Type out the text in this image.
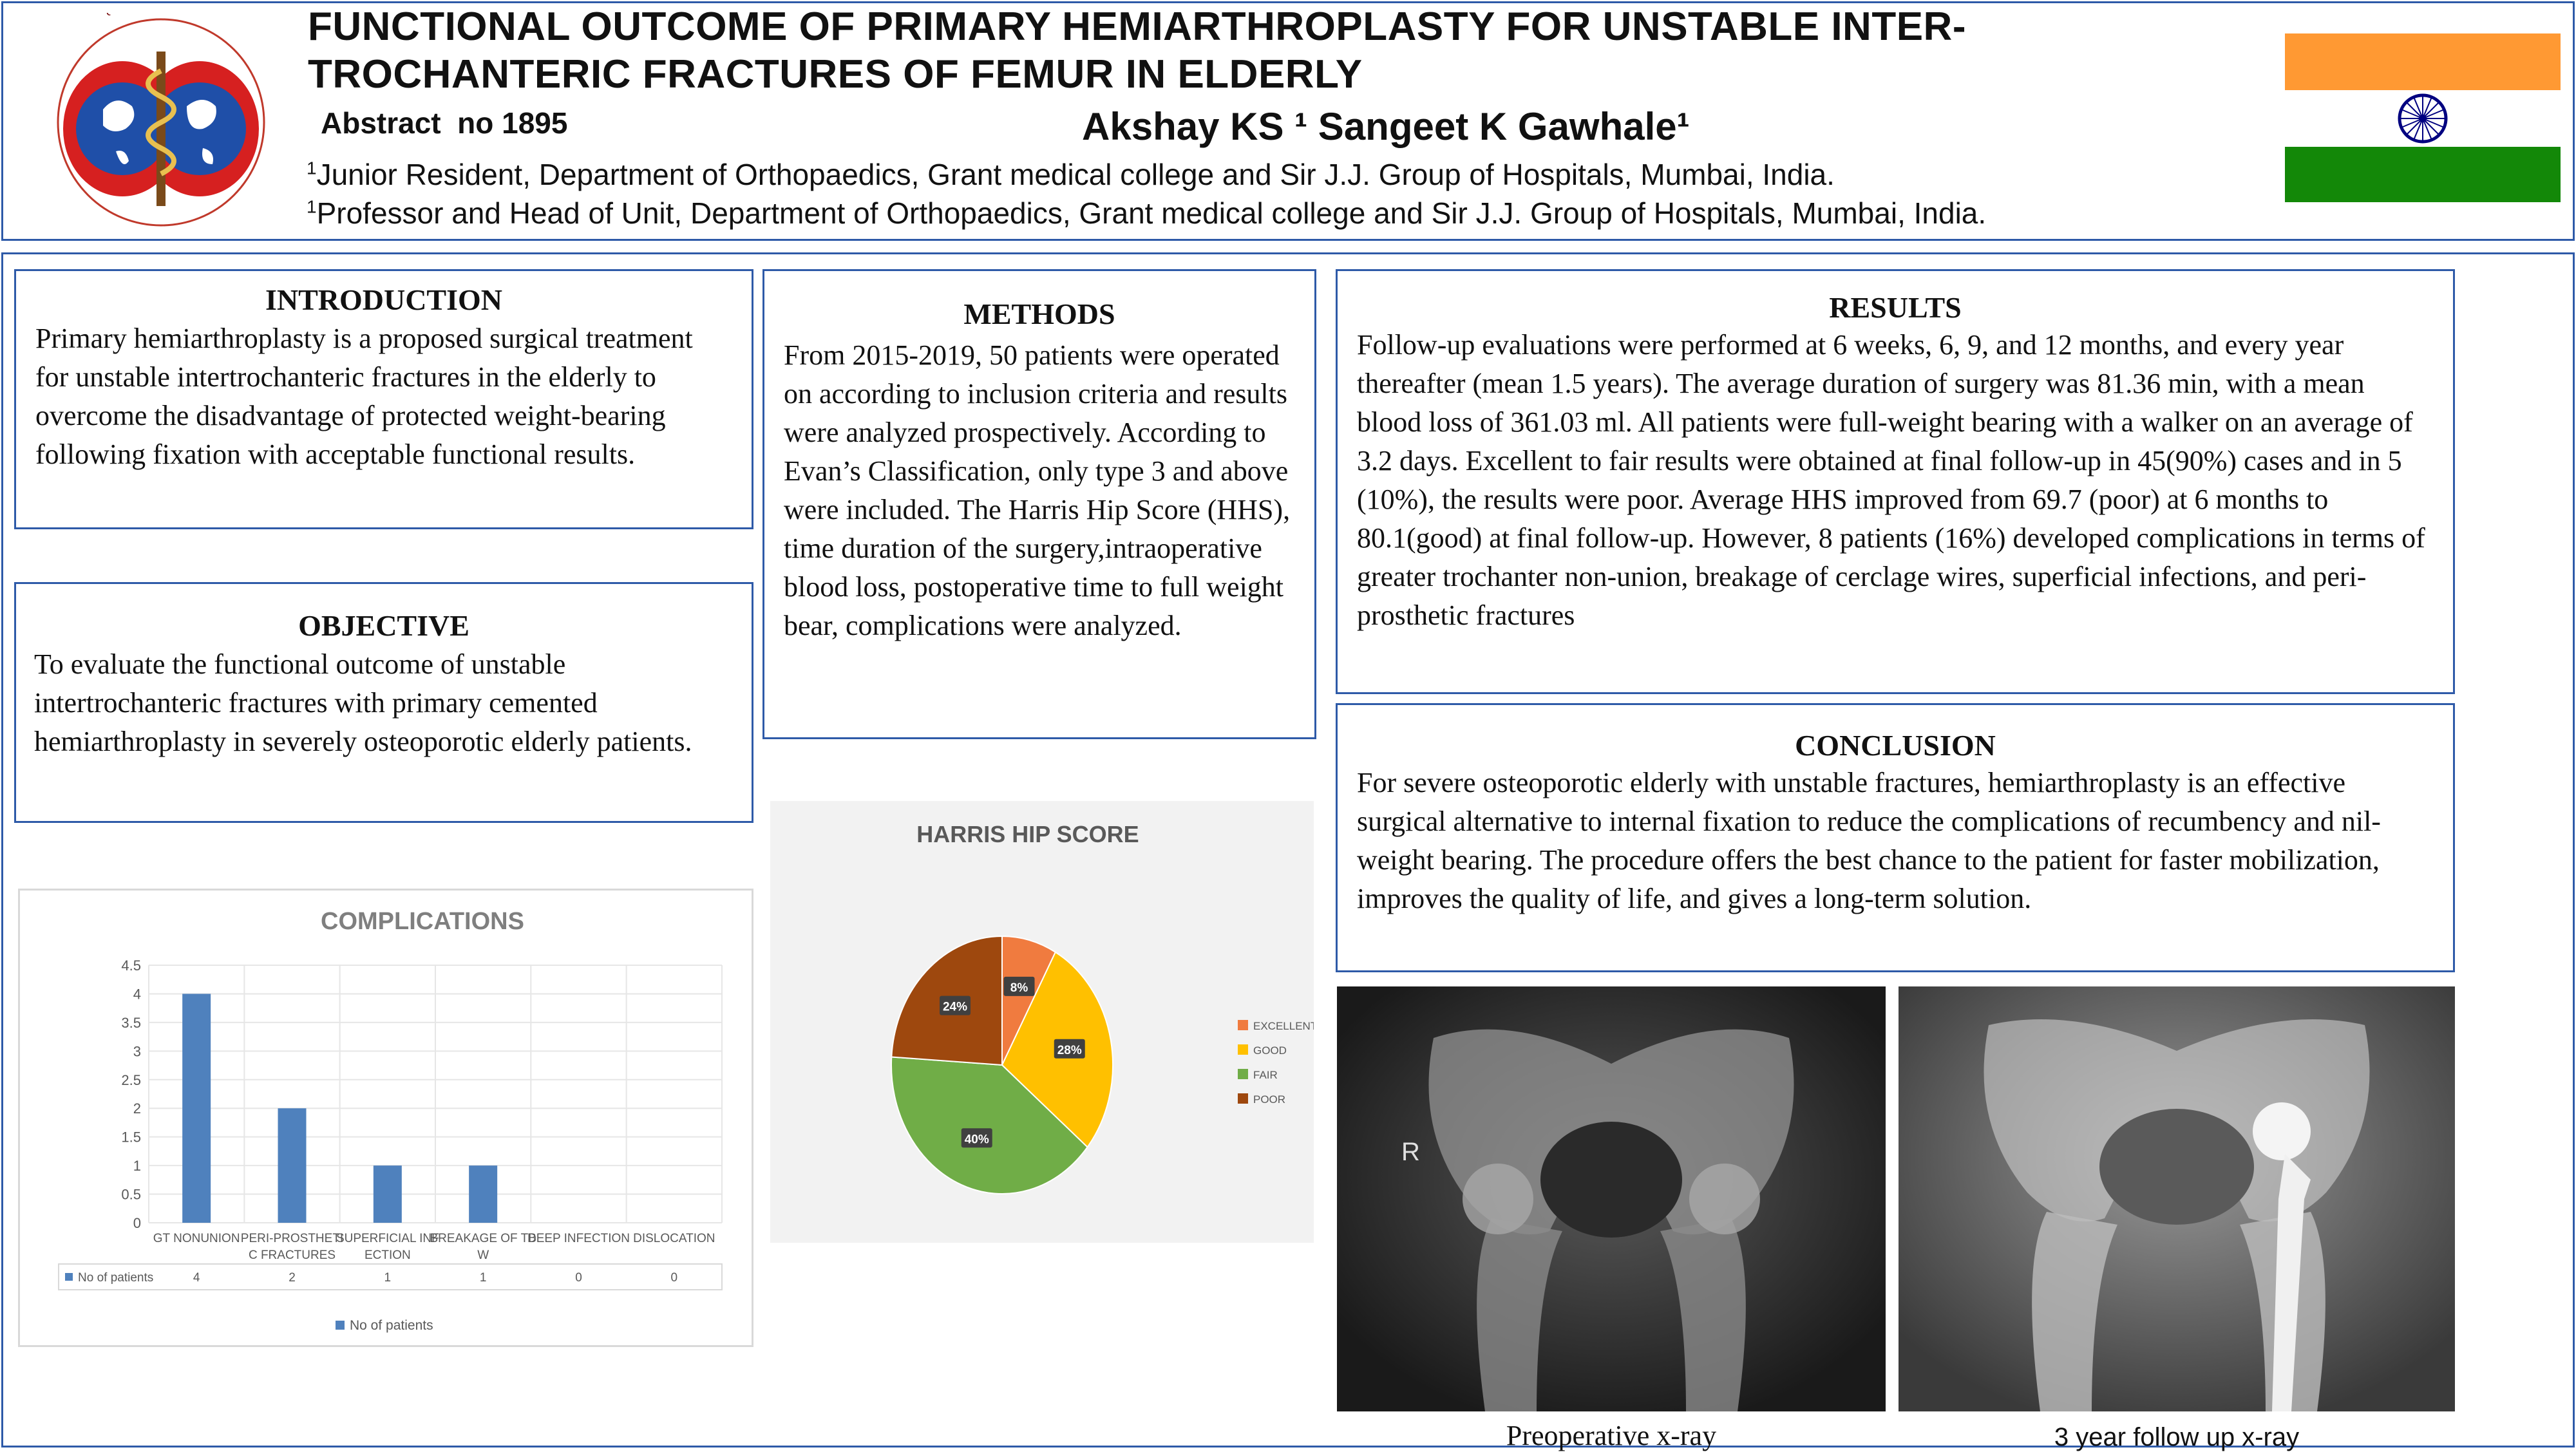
FUNCTIONAL OUTCOME OF PRIMARY HEMIARTHROPLASTY FOR UNSTABLE INTER-
TROCHANTERIC FRACTURES OF FEMUR IN ELDERLY
Abstract  no 1895	Akshay KS ¹ Sangeet K Gawhale¹
$^1$Junior Resident, Department of Orthopaedics, Grant medical college and Sir J.J. Group of Hospitals, Mumbai, India.
$^1$Professor and Head of Unit, Department of Orthopaedics, Grant medical college and Sir J.J. Group of Hospitals, Mumbai, India.
INTRODUCTION
Primary hemiarthroplasty is a proposed surgical treatment for unstable intertrochanteric fractures in the elderly to overcome the disadvantage of protected weight-bearing following fixation with acceptable functional results.
OBJECTIVE
To evaluate the functional outcome of unstable intertrochanteric fractures with primary cemented hemiarthroplasty in severely osteoporotic elderly patients.
METHODS
From 2015-2019, 50 patients were operated on according to inclusion criteria and results were analyzed prospectively. According to Evan’s Classification, only type 3 and above were included. The Harris Hip Score (HHS), time duration of the surgery,intraoperative blood loss, postoperative time to full weight bear, complications were analyzed.
RESULTS
Follow-up evaluations were performed at 6 weeks, 6, 9, and 12 months, and every year thereafter (mean 1.5 years). The average duration of surgery was 81.36 min, with a mean blood loss of 361.03 ml. All patients were full-weight bearing with a walker on an average of 3.2 days. Excellent to fair results were obtained at final follow-up in 45(90%) cases and in 5 (10%), the results were poor. Average HHS improved from 69.7 (poor) at 6 months to 80.1(good) at final follow-up. However, 8 patients (16%) developed complications in terms of greater trochanter non-union, breakage of cerclage wires, superficial infections, and peri-prosthetic fractures
CONCLUSION
For severe osteoporotic elderly with unstable fractures, hemiarthroplasty is an effective surgical alternative to internal fixation to reduce the complications of recumbency and nil-weight bearing. The procedure offers the best chance to the patient for faster mobilization, improves the quality of life, and gives a long-term solution.
COMPLICATIONS
0
0.5
1
1.5
2
2.5
3
3.5
4
4.5
GT NONUNION PERI-PROSTHETI
C FRACTURES
SUPERFICIAL INF
ECTION
BREAKAGE OF TB
W
DEEP INFECTION DISLOCATION
No of patients	4	2	1	1	0	0
No of patients
HARRIS HIP SCORE
8%
28%
40%
24%
EXCELLENT
GOOD
FAIR
POOR
R
Preoperative x-ray	3 year follow up x-ray
